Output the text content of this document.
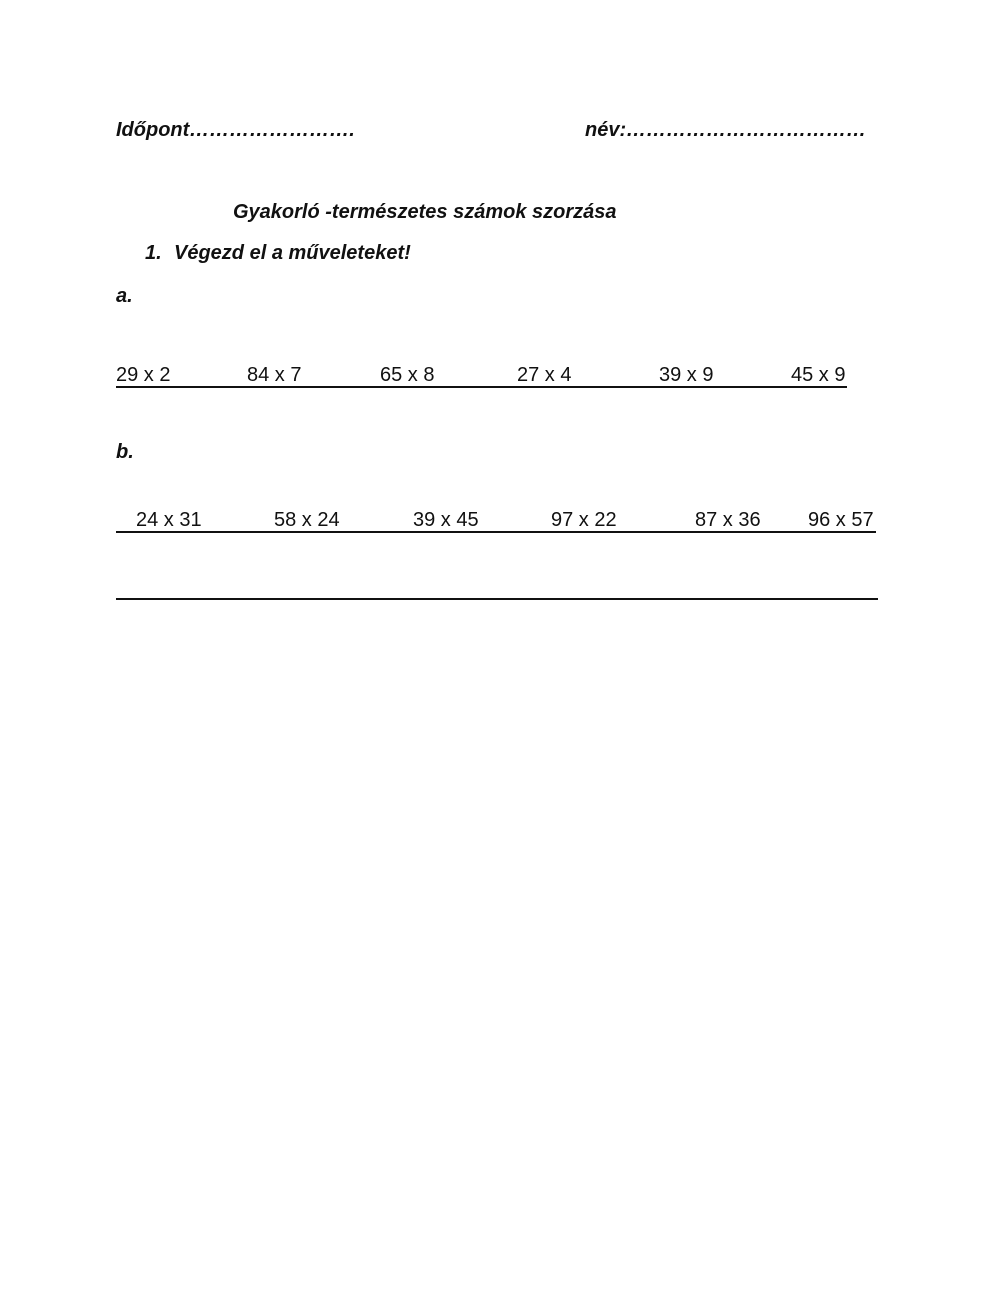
Időpont…………………….	név:………………………………
Gyakorló -természetes számok szorzása
1. Végezd el a műveleteket!
a.
29 x 2	84 x 7	65 x 8	27 x 4	39 x 9	45 x 9
b.
24 x 31	58 x 24	39 x 45	97 x 22	87 x 36 96 x 57
